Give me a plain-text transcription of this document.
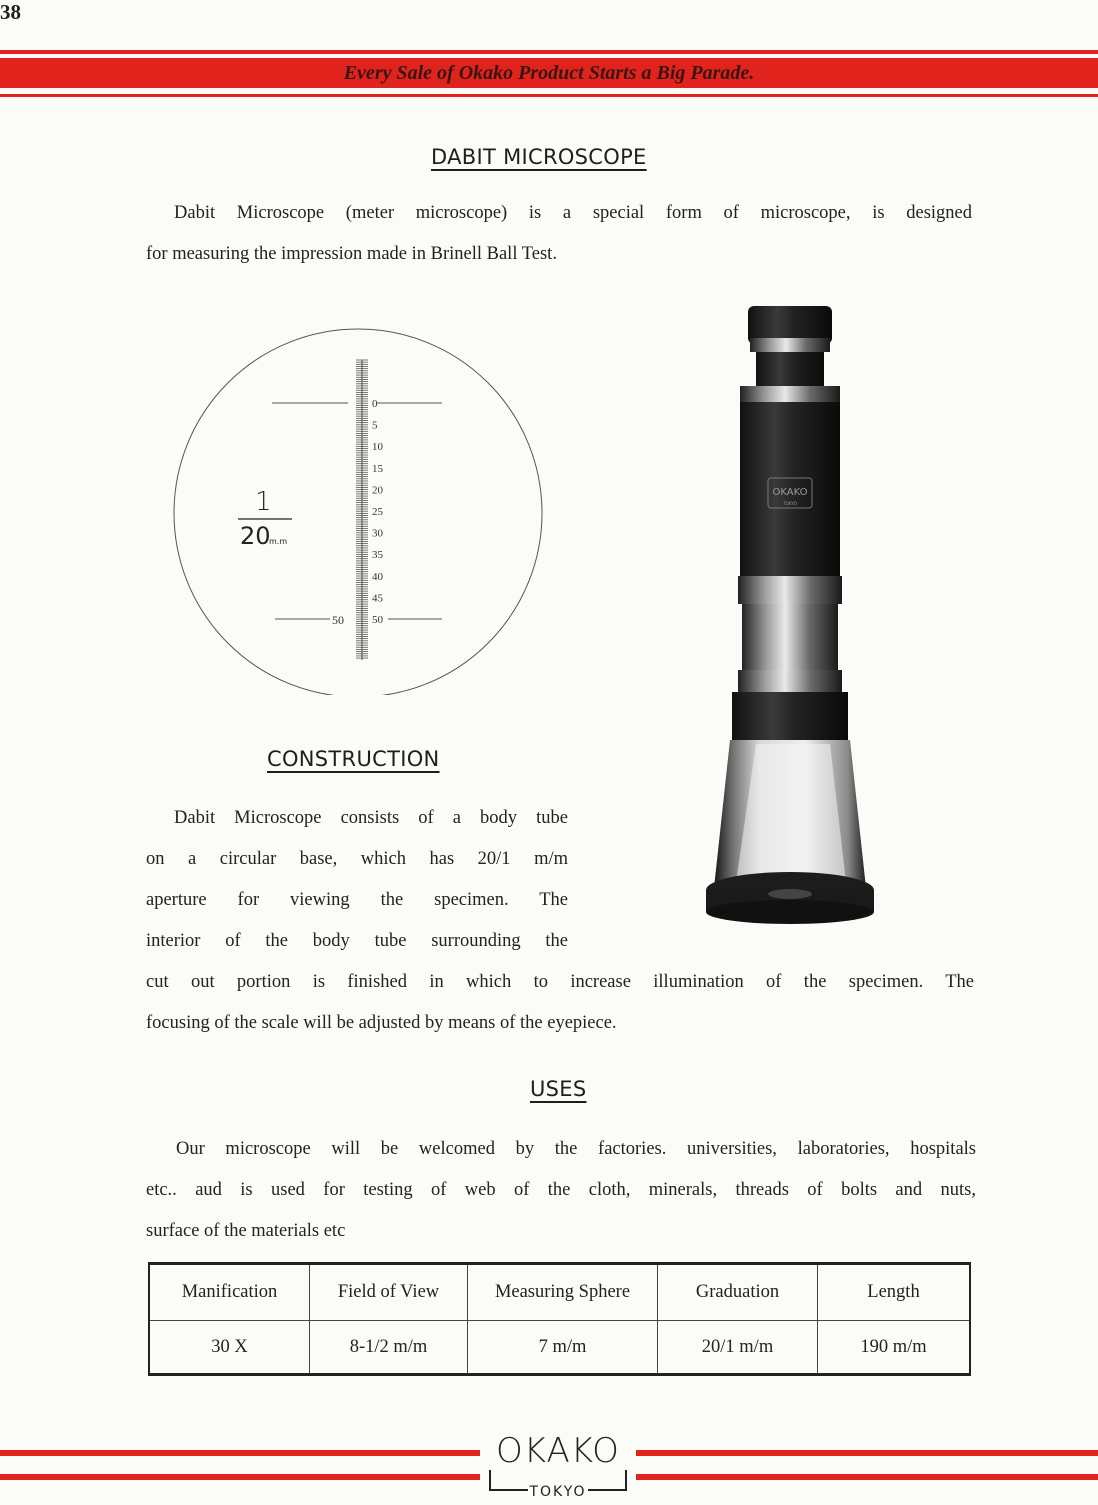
38
Every Sale of Okako Product Starts a Big Parade.
DABIT MICROSCOPE
Dabit Microscope (meter microscope) is a special form of microscope, is designed
for measuring the impression made in Brinell Ball Test.
0
5
10
15
20
25
30
35
40
45
50
50
1
20
m.m
OKAKO
TOKYO
CONSTRUCTION
Dabit Microscope consists of a body tube
on a circular base, which has 20/1 m/m
aperture for viewing the specimen. The
interior of the body tube surrounding the
cut out portion is finished in which to increase illumination of the specimen. The
focusing of the scale will be adjusted by means of the eyepiece.
USES
Our microscope will be welcomed by the factories. universities, laboratories, hospitals
etc.. aud is used for testing of web of the cloth, minerals, threads of bolts and nuts,
surface of the materials etc
Manification	Field of View	Measuring Sphere	Graduation	Length
30 X	8-1/2 m/m	7 m/m	20/1 m/m	190 m/m
OKAKO
TOKYO
